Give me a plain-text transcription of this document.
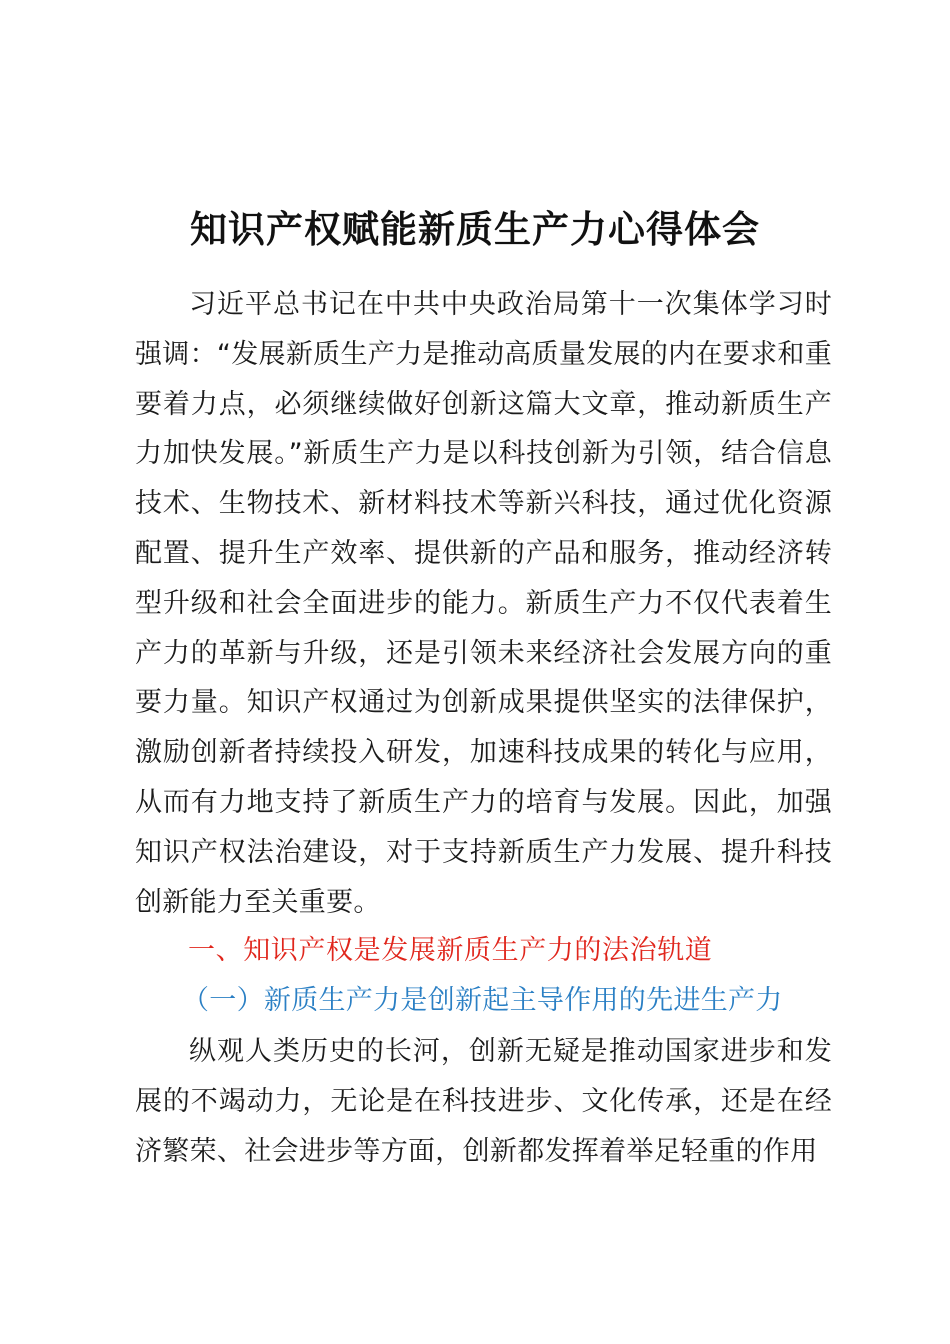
知识产权赋能新质生产力心得体会
习近平总书记在中共中央政治局第十一次集体学习时强调：“发展新质生产力是推动高质量发展的内在要求和重要着力点，必须继续做好创新这篇大文章，推动新质生产力加快发展。”新质生产力是以科技创新为引领，结合信息技术、生物技术、新材料技术等新兴科技，通过优化资源配置、提升生产效率、提供新的产品和服务，推动经济转型升级和社会全面进步的能力。新质生产力不仅代表着生产力的革新与升级，还是引领未来经济社会发展方向的重要力量。知识产权通过为创新成果提供坚实的法律保护，激励创新者持续投入研发，加速科技成果的转化与应用，从而有力地支持了新质生产力的培育与发展。因此，加强知识产权法治建设，对于支持新质生产力发展、提升科技创新能力至关重要。
一、知识产权是发展新质生产力的法治轨道
（一）新质生产力是创新起主导作用的先进生产力
纵观人类历史的长河，创新无疑是推动国家进步和发展的不竭动力，无论是在科技进步、文化传承，还是在经济繁荣、社会进步等方面，创新都发挥着举足轻重的作用
